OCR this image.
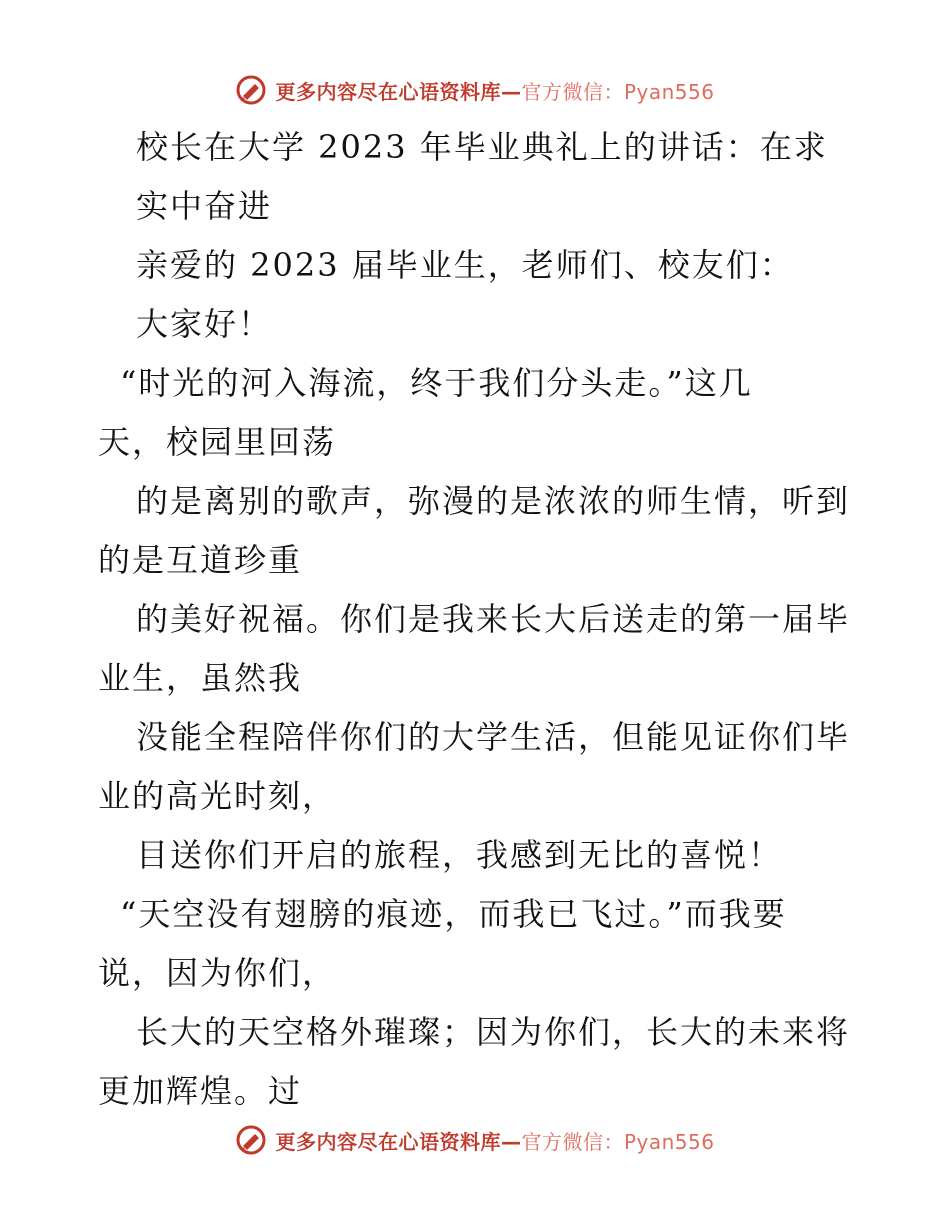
更多内容尽在心语资料库—官方微信：Pyan556
校长在大学 2023 年毕业典礼上的讲话：在求
实中奋进
亲爱的 2023 届毕业生，老师们、校友们：
大家好！
“时光的河入海流，终于我们分头走。”这几
天，校园里回荡
的是离别的歌声，弥漫的是浓浓的师生情，听到
的是互道珍重
的美好祝福。你们是我来长大后送走的第一届毕
业生，虽然我
没能全程陪伴你们的大学生活，但能见证你们毕
业的高光时刻，
目送你们开启的旅程，我感到无比的喜悦！
“天空没有翅膀的痕迹，而我已飞过。”而我要
说，因为你们，
长大的天空格外璀璨；因为你们，长大的未来将
更加辉煌。过
更多内容尽在心语资料库—官方微信：Pyan556
